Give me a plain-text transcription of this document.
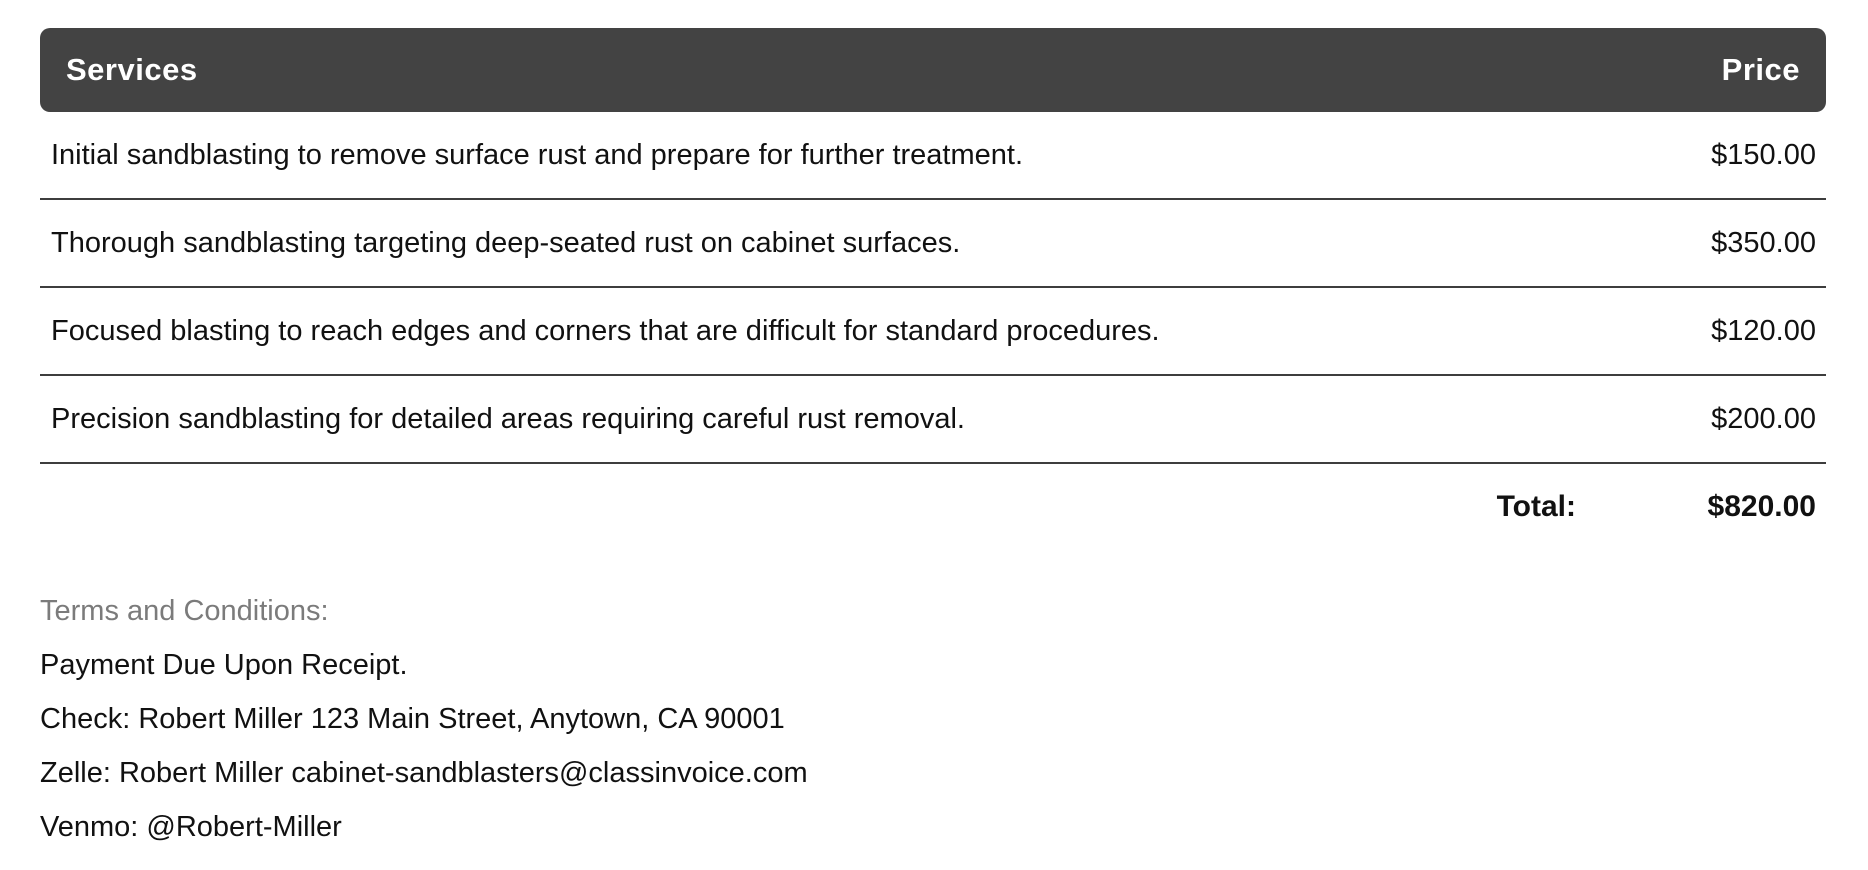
Services	Price
Initial sandblasting to remove surface rust and prepare for further treatment.	$150.00
Thorough sandblasting targeting deep-seated rust on cabinet surfaces.	$350.00
Focused blasting to reach edges and corners that are difficult for standard procedures.	$120.00
Precision sandblasting for detailed areas requiring careful rust removal.	$200.00
Total:	$820.00
Terms and Conditions:
Payment Due Upon Receipt.
Check: Robert Miller 123 Main Street, Anytown, CA 90001
Zelle: Robert Miller cabinet-sandblasters@classinvoice.com
Venmo: @Robert-Miller
